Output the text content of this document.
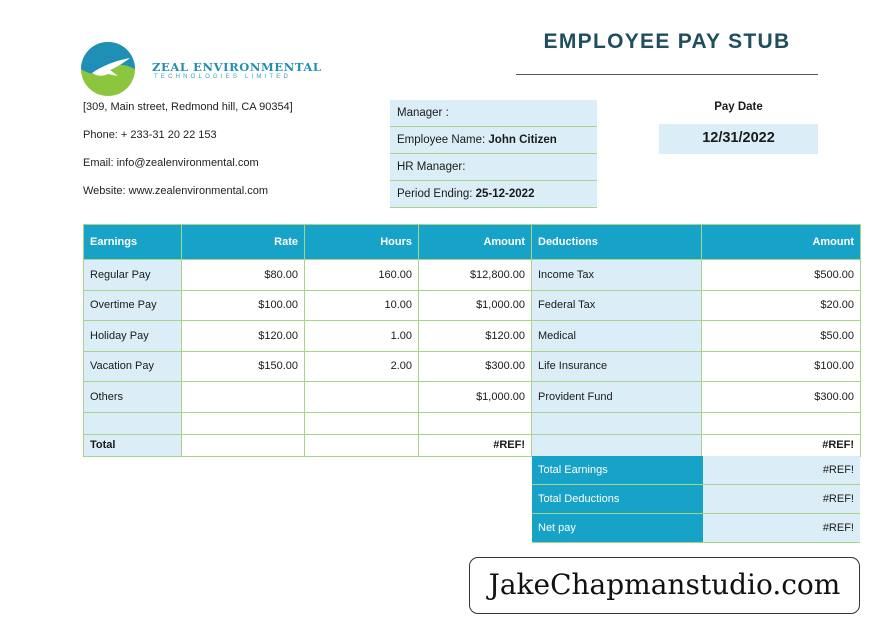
ZEAL ENVIRONMENTAL
TECHNOLOGIES LIMITED
[309, Main street, Redmond hill, CA 90354]
Phone: + 233-31 20 22 153
Email: info@zealenvironmental.com
Website: www.zealenvironmental.com
EMPLOYEE PAY STUB
Manager :
Employee Name: John Citizen
HR Manager:
Period Ending: 25-12-2022
Pay Date
12/31/2022
Earnings	Rate	Hours	Amount	Deductions	Amount
Regular Pay	$80.00	160.00	$12,800.00	Income Tax	$500.00
Overtime Pay	$100.00	10.00	$1,000.00	Federal Tax	$20.00
Holiday Pay	$120.00	1.00	$120.00	Medical	$50.00
Vacation Pay	$150.00	2.00	$300.00	Life Insurance	$100.00
Others			$1,000.00	Provident Fund	$300.00

Total			#REF!		#REF!
Total Earnings	#REF!
Total Deductions	#REF!
Net pay	#REF!
JakeChapmanstudio.com
